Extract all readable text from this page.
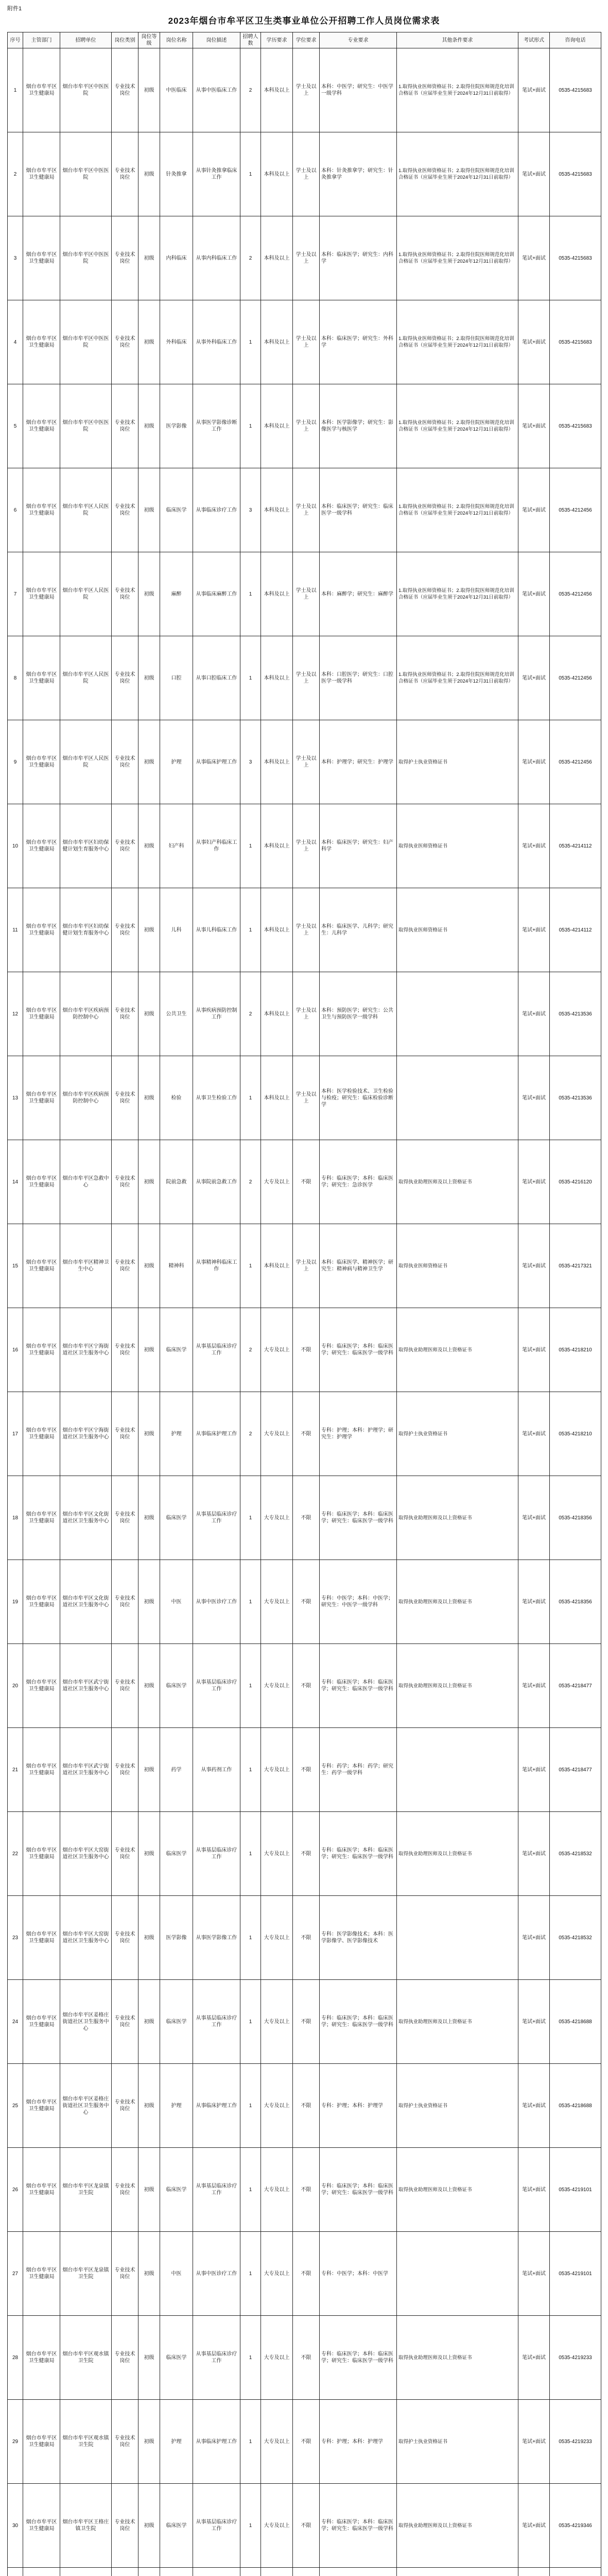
附件1
2023年烟台市牟平区卫生类事业单位公开招聘工作人员岗位需求表
序号	主管部门	招聘单位	岗位类别	岗位等级	岗位名称	岗位描述	招聘人数	学历要求	学位要求	专业要求	其他条件要求	考试形式	咨询电话
1	烟台市牟平区卫生健康局	烟台市牟平区中医医院	专业技术岗位	初级	中医临床	从事中医临床工作	2	本科及以上	学士及以上	本科：中医学；研究生：中医学一级学科	1.取得执业医师资格证书；2.取得住院医师规范化培训合格证书（应届毕业生须于2024年12月31日前取得）	笔试+面试	0535-4215683
2	烟台市牟平区卫生健康局	烟台市牟平区中医医院	专业技术岗位	初级	针灸推拿	从事针灸推拿临床工作	1	本科及以上	学士及以上	本科：针灸推拿学；研究生：针灸推拿学	1.取得执业医师资格证书；2.取得住院医师规范化培训合格证书（应届毕业生须于2024年12月31日前取得）	笔试+面试	0535-4215683
3	烟台市牟平区卫生健康局	烟台市牟平区中医医院	专业技术岗位	初级	内科临床	从事内科临床工作	2	本科及以上	学士及以上	本科：临床医学；研究生：内科学	1.取得执业医师资格证书；2.取得住院医师规范化培训合格证书（应届毕业生须于2024年12月31日前取得）	笔试+面试	0535-4215683
4	烟台市牟平区卫生健康局	烟台市牟平区中医医院	专业技术岗位	初级	外科临床	从事外科临床工作	1	本科及以上	学士及以上	本科：临床医学；研究生：外科学	1.取得执业医师资格证书；2.取得住院医师规范化培训合格证书（应届毕业生须于2024年12月31日前取得）	笔试+面试	0535-4215683
5	烟台市牟平区卫生健康局	烟台市牟平区中医医院	专业技术岗位	初级	医学影像	从事医学影像诊断工作	1	本科及以上	学士及以上	本科：医学影像学；研究生：影像医学与核医学	1.取得执业医师资格证书；2.取得住院医师规范化培训合格证书（应届毕业生须于2024年12月31日前取得）	笔试+面试	0535-4215683
6	烟台市牟平区卫生健康局	烟台市牟平区人民医院	专业技术岗位	初级	临床医学	从事临床诊疗工作	3	本科及以上	学士及以上	本科：临床医学；研究生：临床医学一级学科	1.取得执业医师资格证书；2.取得住院医师规范化培训合格证书（应届毕业生须于2024年12月31日前取得）	笔试+面试	0535-4212456
7	烟台市牟平区卫生健康局	烟台市牟平区人民医院	专业技术岗位	初级	麻醉	从事临床麻醉工作	1	本科及以上	学士及以上	本科：麻醉学；研究生：麻醉学	1.取得执业医师资格证书；2.取得住院医师规范化培训合格证书（应届毕业生须于2024年12月31日前取得）	笔试+面试	0535-4212456
8	烟台市牟平区卫生健康局	烟台市牟平区人民医院	专业技术岗位	初级	口腔	从事口腔临床工作	1	本科及以上	学士及以上	本科：口腔医学；研究生：口腔医学一级学科	1.取得执业医师资格证书；2.取得住院医师规范化培训合格证书（应届毕业生须于2024年12月31日前取得）	笔试+面试	0535-4212456
9	烟台市牟平区卫生健康局	烟台市牟平区人民医院	专业技术岗位	初级	护理	从事临床护理工作	3	本科及以上	学士及以上	本科：护理学；研究生：护理学	取得护士执业资格证书	笔试+面试	0535-4212456
10	烟台市牟平区卫生健康局	烟台市牟平区妇幼保健计划生育服务中心	专业技术岗位	初级	妇产科	从事妇产科临床工作	1	本科及以上	学士及以上	本科：临床医学；研究生：妇产科学	取得执业医师资格证书	笔试+面试	0535-4214112
11	烟台市牟平区卫生健康局	烟台市牟平区妇幼保健计划生育服务中心	专业技术岗位	初级	儿科	从事儿科临床工作	1	本科及以上	学士及以上	本科：临床医学、儿科学；研究生：儿科学	取得执业医师资格证书	笔试+面试	0535-4214112
12	烟台市牟平区卫生健康局	烟台市牟平区疾病预防控制中心	专业技术岗位	初级	公共卫生	从事疾病预防控制工作	2	本科及以上	学士及以上	本科：预防医学；研究生：公共卫生与预防医学一级学科		笔试+面试	0535-4213536
13	烟台市牟平区卫生健康局	烟台市牟平区疾病预防控制中心	专业技术岗位	初级	检验	从事卫生检验工作	1	本科及以上	学士及以上	本科：医学检验技术、卫生检验与检疫；研究生：临床检验诊断学		笔试+面试	0535-4213536
14	烟台市牟平区卫生健康局	烟台市牟平区急救中心	专业技术岗位	初级	院前急救	从事院前急救工作	2	大专及以上	不限	专科：临床医学；本科：临床医学；研究生：急诊医学	取得执业助理医师及以上资格证书	笔试+面试	0535-4216120
15	烟台市牟平区卫生健康局	烟台市牟平区精神卫生中心	专业技术岗位	初级	精神科	从事精神科临床工作	1	本科及以上	学士及以上	本科：临床医学、精神医学；研究生：精神病与精神卫生学	取得执业医师资格证书	笔试+面试	0535-4217321
16	烟台市牟平区卫生健康局	烟台市牟平区宁海街道社区卫生服务中心	专业技术岗位	初级	临床医学	从事基层临床诊疗工作	2	大专及以上	不限	专科：临床医学；本科：临床医学；研究生：临床医学一级学科	取得执业助理医师及以上资格证书	笔试+面试	0535-4218210
17	烟台市牟平区卫生健康局	烟台市牟平区宁海街道社区卫生服务中心	专业技术岗位	初级	护理	从事临床护理工作	2	大专及以上	不限	专科：护理；本科：护理学；研究生：护理学	取得护士执业资格证书	笔试+面试	0535-4218210
18	烟台市牟平区卫生健康局	烟台市牟平区文化街道社区卫生服务中心	专业技术岗位	初级	临床医学	从事基层临床诊疗工作	1	大专及以上	不限	专科：临床医学；本科：临床医学；研究生：临床医学一级学科	取得执业助理医师及以上资格证书	笔试+面试	0535-4218356
19	烟台市牟平区卫生健康局	烟台市牟平区文化街道社区卫生服务中心	专业技术岗位	初级	中医	从事中医诊疗工作	1	大专及以上	不限	专科：中医学；本科：中医学；研究生：中医学一级学科	取得执业助理医师及以上资格证书	笔试+面试	0535-4218356
20	烟台市牟平区卫生健康局	烟台市牟平区武宁街道社区卫生服务中心	专业技术岗位	初级	临床医学	从事基层临床诊疗工作	1	大专及以上	不限	专科：临床医学；本科：临床医学；研究生：临床医学一级学科	取得执业助理医师及以上资格证书	笔试+面试	0535-4218477
21	烟台市牟平区卫生健康局	烟台市牟平区武宁街道社区卫生服务中心	专业技术岗位	初级	药学	从事药剂工作	1	大专及以上	不限	专科：药学；本科：药学；研究生：药学一级学科		笔试+面试	0535-4218477
22	烟台市牟平区卫生健康局	烟台市牟平区大窑街道社区卫生服务中心	专业技术岗位	初级	临床医学	从事基层临床诊疗工作	1	大专及以上	不限	专科：临床医学；本科：临床医学；研究生：临床医学一级学科	取得执业助理医师及以上资格证书	笔试+面试	0535-4218532
23	烟台市牟平区卫生健康局	烟台市牟平区大窑街道社区卫生服务中心	专业技术岗位	初级	医学影像	从事医学影像工作	1	大专及以上	不限	专科：医学影像技术；本科：医学影像学、医学影像技术		笔试+面试	0535-4218532
24	烟台市牟平区卫生健康局	烟台市牟平区姜格庄街道社区卫生服务中心	专业技术岗位	初级	临床医学	从事基层临床诊疗工作	1	大专及以上	不限	专科：临床医学；本科：临床医学；研究生：临床医学一级学科	取得执业助理医师及以上资格证书	笔试+面试	0535-4218688
25	烟台市牟平区卫生健康局	烟台市牟平区姜格庄街道社区卫生服务中心	专业技术岗位	初级	护理	从事临床护理工作	1	大专及以上	不限	专科：护理；本科：护理学	取得护士执业资格证书	笔试+面试	0535-4218688
26	烟台市牟平区卫生健康局	烟台市牟平区龙泉镇卫生院	专业技术岗位	初级	临床医学	从事基层临床诊疗工作	1	大专及以上	不限	专科：临床医学；本科：临床医学；研究生：临床医学一级学科	取得执业助理医师及以上资格证书	笔试+面试	0535-4219101
27	烟台市牟平区卫生健康局	烟台市牟平区龙泉镇卫生院	专业技术岗位	初级	中医	从事中医诊疗工作	1	大专及以上	不限	专科：中医学；本科：中医学		笔试+面试	0535-4219101
28	烟台市牟平区卫生健康局	烟台市牟平区观水镇卫生院	专业技术岗位	初级	临床医学	从事基层临床诊疗工作	1	大专及以上	不限	专科：临床医学；本科：临床医学；研究生：临床医学一级学科	取得执业助理医师及以上资格证书	笔试+面试	0535-4219233
29	烟台市牟平区卫生健康局	烟台市牟平区观水镇卫生院	专业技术岗位	初级	护理	从事临床护理工作	1	大专及以上	不限	专科：护理；本科：护理学	取得护士执业资格证书	笔试+面试	0535-4219233
30	烟台市牟平区卫生健康局	烟台市牟平区王格庄镇卫生院	专业技术岗位	初级	临床医学	从事基层临床诊疗工作	1	大专及以上	不限	专科：临床医学；本科：临床医学；研究生：临床医学一级学科	取得执业助理医师及以上资格证书	笔试+面试	0535-4219346
